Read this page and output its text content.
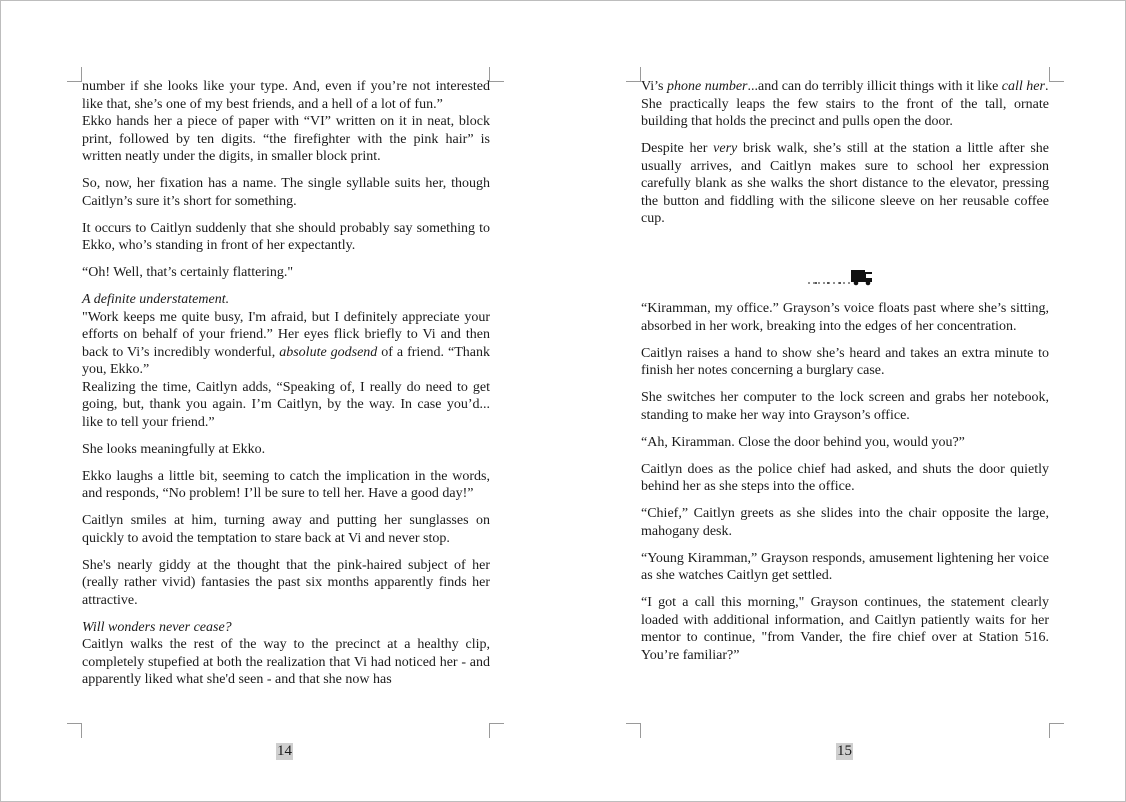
number if she looks like your type. And, even if you’re not interested like that, she’s one of my best friends, and a hell of a lot of fun.”

Ekko hands her a piece of paper with “VI” written on it in neat, block print, followed by ten digits. “the firefighter with the pink hair” is written neatly under the digits, in smaller block print.

So, now, her fixation has a name. The single syllable suits her, though Caitlyn’s sure it’s short for something.

It occurs to Caitlyn suddenly that she should probably say something to Ekko, who’s standing in front of her expectantly.

“Oh! Well, that’s certainly flattering."

A definite understatement.

"Work keeps me quite busy, I'm afraid, but I definitely appreciate your efforts on behalf of your friend.” Her eyes flick briefly to Vi and then back to Vi’s incredibly wonderful, absolute godsend of a friend. “Thank you, Ekko.”

Realizing the time, Caitlyn adds, “Speaking of, I really do need to get going, but, thank you again. I’m Caitlyn, by the way. In case you’d... like to tell your friend.”

She looks meaningfully at Ekko.

Ekko laughs a little bit, seeming to catch the implication in the words, and responds, “No problem! I’ll be sure to tell her. Have a good day!”

Caitlyn smiles at him, turning away and putting her sunglasses on quickly to avoid the temptation to stare back at Vi and never stop.

She's nearly giddy at the thought that the pink-haired subject of her (really rather vivid) fantasies the past six months apparently finds her attractive.

Will wonders never cease?

Caitlyn walks the rest of the way to the precinct at a healthy clip, completely stupefied at both the realization that Vi had noticed her - and apparently liked what she'd seen - and that she now has

14

Vi’s phone number...and can do terribly illicit things with it like call her.

She practically leaps the few stairs to the front of the tall, ornate building that holds the precinct and pulls open the door.

Despite her very brisk walk, she’s still at the station a little after she usually arrives, and Caitlyn makes sure to school her expression carefully blank as she walks the short distance to the elevator, pressing the button and fiddling with the silicone sleeve on her reusable coffee cup.

“Kiramman, my office.” Grayson’s voice floats past where she’s sitting, absorbed in her work, breaking into the edges of her concentration.

Caitlyn raises a hand to show she’s heard and takes an extra minute to finish her notes concerning a burglary case.

She switches her computer to the lock screen and grabs her notebook, standing to make her way into Grayson’s office.

“Ah, Kiramman. Close the door behind you, would you?”

Caitlyn does as the police chief had asked, and shuts the door quietly behind her as she steps into the office.

“Chief,” Caitlyn greets as she slides into the chair opposite the large, mahogany desk.

“Young Kiramman,” Grayson responds, amusement lightening her voice as she watches Caitlyn get settled.

“I got a call this morning," Grayson continues, the statement clearly loaded with additional information, and Caitlyn patiently waits for her mentor to continue, "from Vander, the fire chief over at Station 516. You’re familiar?”

15
